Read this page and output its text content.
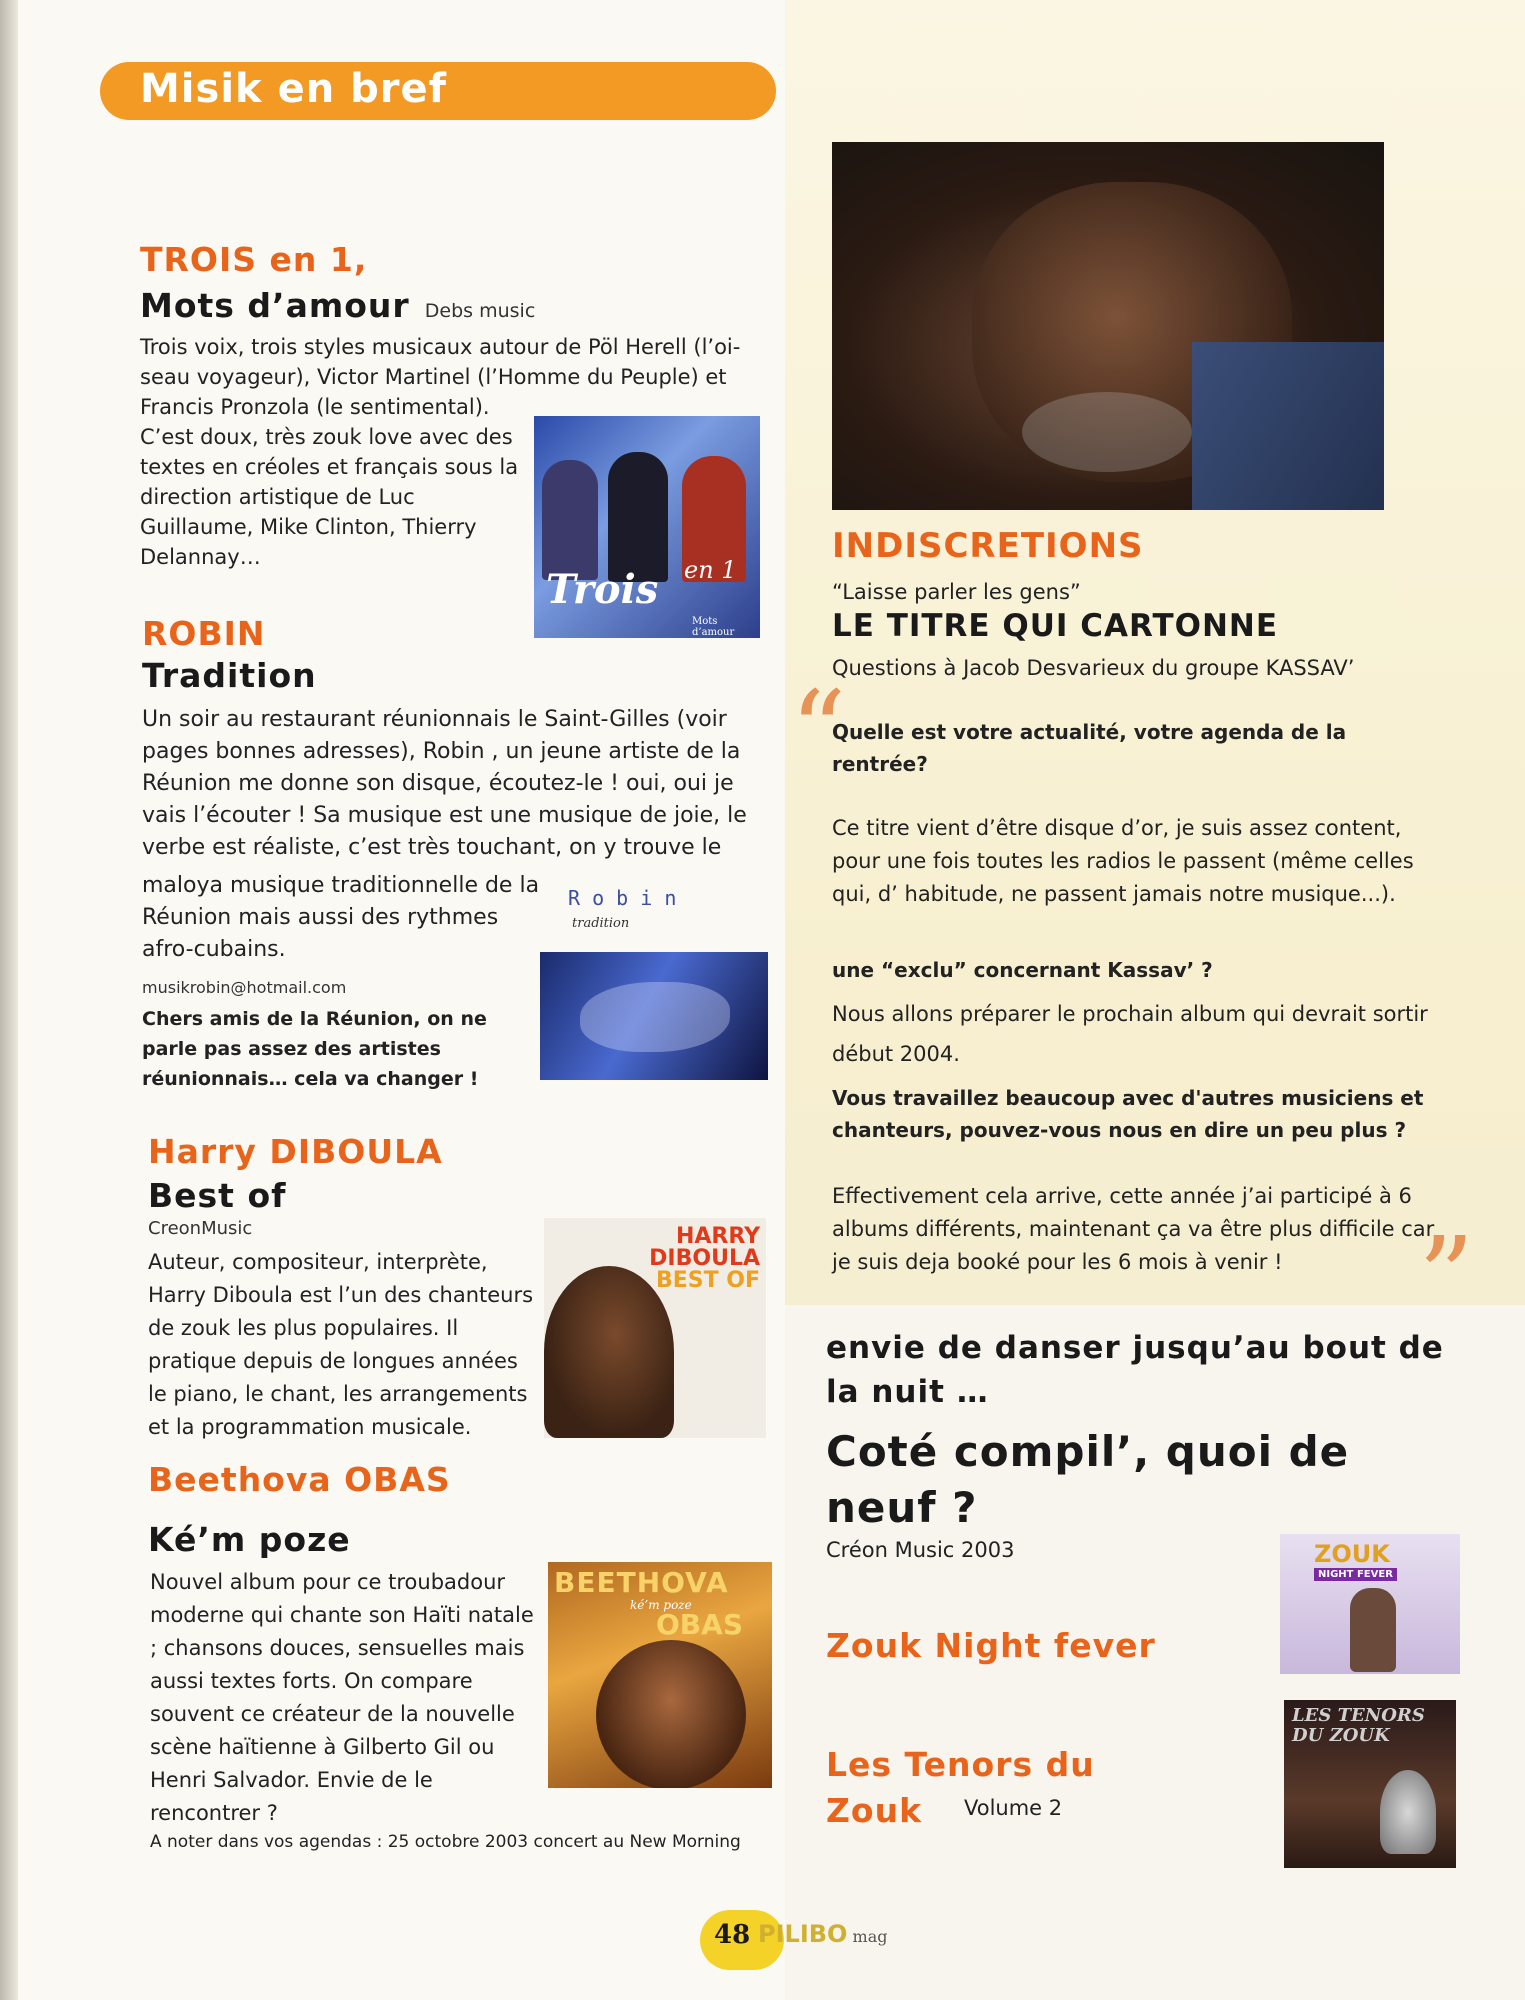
Misik en bref
TROIS en 1,
Mots d’amour Debs music
Trois voix, trois styles musicaux autour de Pöl Herell (l’oi-seau voyageur), Victor Martinel (l’Homme du Peuple) et Francis Pronzola (le sentimental).
C’est doux, très zouk love avec des textes en créoles et français sous la direction artistique de Luc Guillaume, Mike Clinton, Thierry Delannay…
Trois en 1
Mots d’amour
ROBIN
Tradition
Un soir au restaurant réunionnais le Saint-Gilles (voir pages bonnes adresses), Robin , un jeune artiste de la Réunion me donne son disque, écoutez-le ! oui, oui je vais l’écouter ! Sa musique est une musique de joie, le verbe est réaliste, c’est très touchant, on y trouve le
maloya musique traditionnelle de la Réunion mais aussi des rythmes afro-cubains.
musikrobin@hotmail.com
Chers amis de la Réunion, on ne parle pas assez des artistes réunionnais… cela va changer !
R o b i n
tradition
Harry DIBOULA
Best of
CreonMusic
Auteur, compositeur, interprète, Harry Diboula est l’un des chanteurs de zouk les plus populaires. Il pratique depuis de longues années le piano, le chant, les arrangements et la programmation musicale.
HARRY
DIBOULA
BEST OF
Beethova OBAS
Ké’m poze
Nouvel album pour ce troubadour moderne qui chante son Haïti natale ; chansons douces, sensuelles mais aussi textes forts. On compare souvent ce créateur de la nouvelle scène haïtienne à Gilberto Gil ou Henri Salvador. Envie de le rencontrer ?
A noter dans vos agendas : 25 octobre 2003 concert au New Morning
BEETHOVA
ké’m poze
OBAS
INDISCRETIONS
“Laisse parler les gens”
LE TITRE QUI CARTONNE
Questions à Jacob Desvarieux du groupe KASSAV’
“
Quelle est votre actualité, votre agenda de la rentrée?
Ce titre vient d’être disque d’or, je suis assez content, pour une fois toutes les radios le passent (même celles qui, d’ habitude, ne passent jamais notre musique...).
une “exclu” concernant Kassav’ ?
Nous allons préparer le prochain album qui devrait sortir début 2004.
Vous travaillez beaucoup avec d'autres musiciens et chanteurs, pouvez-vous nous en dire un peu plus ?
Effectivement cela arrive, cette année j’ai participé à 6 albums différents, maintenant ça va être plus difficile car je suis deja booké pour les 6 mois à venir !	”
envie de danser jusqu’au bout de la nuit …
Coté compil’, quoi de neuf ?
Créon Music 2003
Zouk Night fever
Les Tenors du Zouk	Volume 2
ZOUK
NIGHT FEVER
LES TENORS DU ZOUK
48 PILIBO mag
